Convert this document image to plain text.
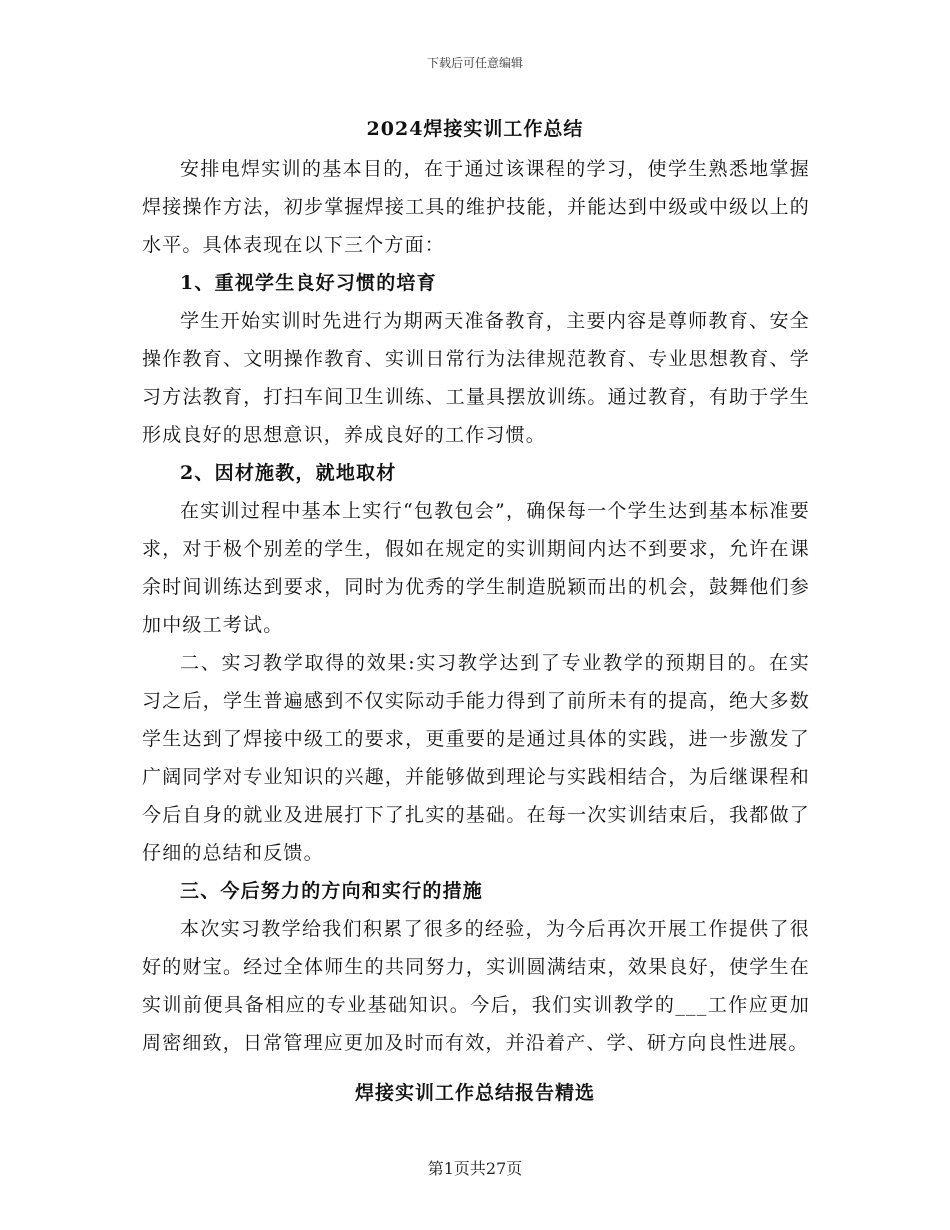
下载后可任意编辑
2024焊接实训工作总结

安排电焊实训的基本目的，在于通过该课程的学习，使学生熟悉地掌握焊接操作方法，初步掌握焊接工具的维护技能，并能达到中级或中级以上的水平。具体表现在以下三个方面：

1、重视学生良好习惯的培育

学生开始实训时先进行为期两天准备教育，主要内容是尊师教育、安全操作教育、文明操作教育、实训日常行为法律规范教育、专业思想教育、学习方法教育，打扫车间卫生训练、工量具摆放训练。通过教育，有助于学生形成良好的思想意识，养成良好的工作习惯。

2、因材施教，就地取材

在实训过程中基本上实行“包教包会”，确保每一个学生达到基本标准要求，对于极个别差的学生，假如在规定的实训期间内达不到要求，允许在课余时间训练达到要求，同时为优秀的学生制造脱颖而出的机会，鼓舞他们参加中级工考试。

二、实习教学取得的效果:实习教学达到了专业教学的预期目的。在实习之后，学生普遍感到不仅实际动手能力得到了前所未有的提高，绝大多数学生达到了焊接中级工的要求，更重要的是通过具体的实践，进一步激发了广阔同学对专业知识的兴趣，并能够做到理论与实践相结合，为后继课程和今后自身的就业及进展打下了扎实的基础。在每一次实训结束后，我都做了仔细的总结和反馈。

三、今后努力的方向和实行的措施

本次实习教学给我们积累了很多的经验，为今后再次开展工作提供了很好的财宝。经过全体师生的共同努力，实训圆满结束，效果良好，使学生在实训前便具备相应的专业基础知识。今后，我们实训教学的___工作应更加周密细致，日常管理应更加及时而有效，并沿着产、学、研方向良性进展。

焊接实训工作总结报告精选
第1页共27页
